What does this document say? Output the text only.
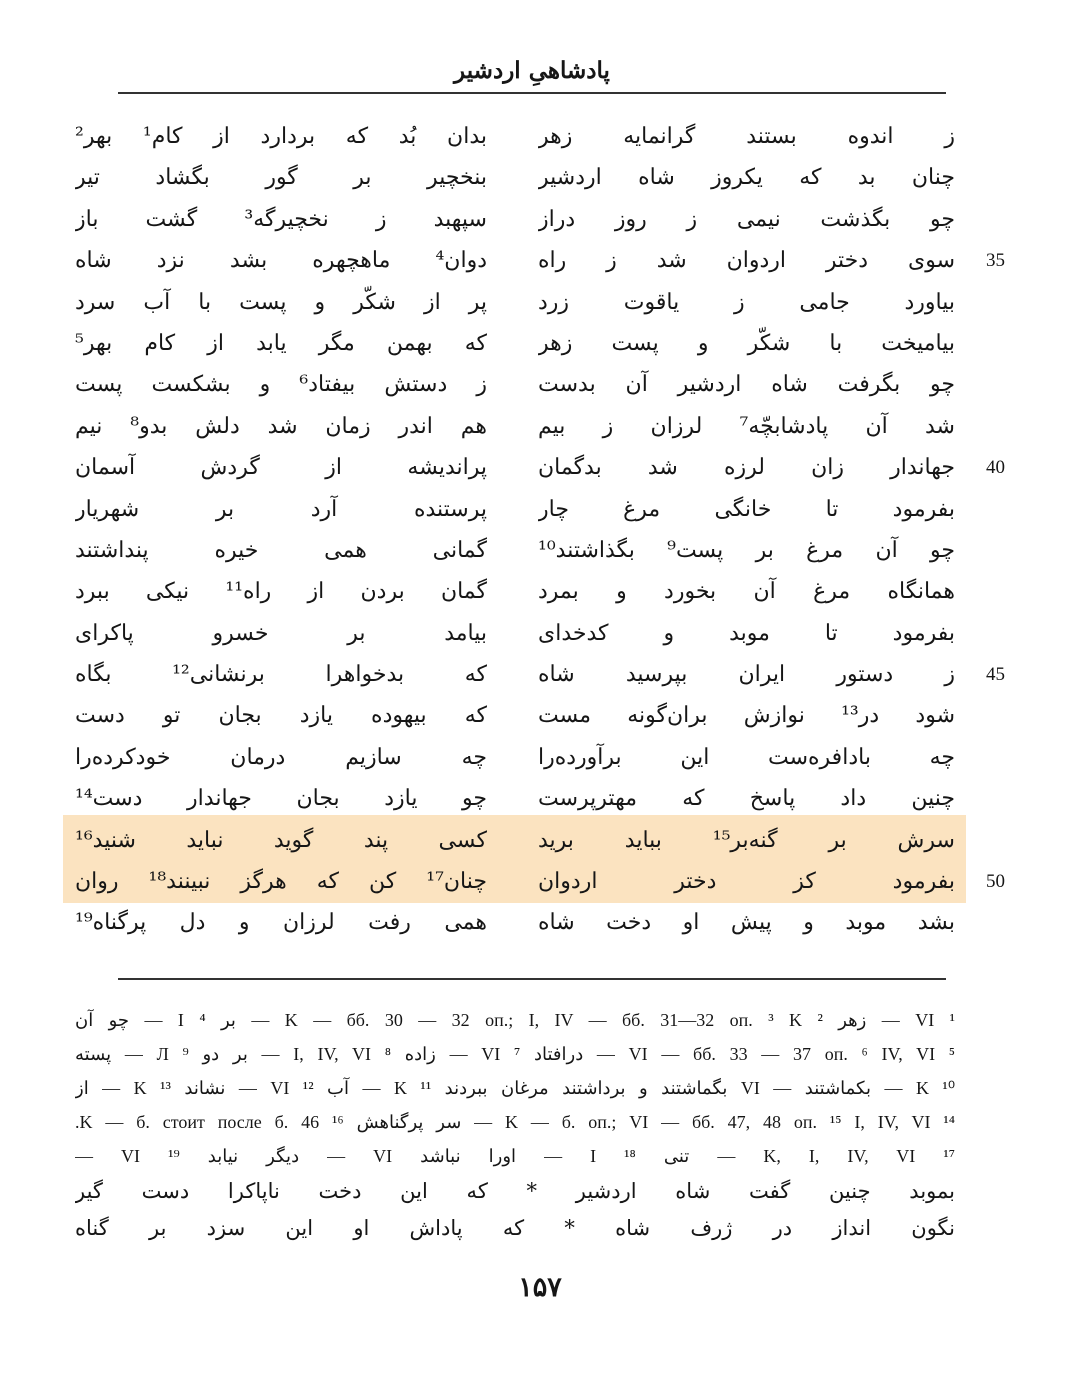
پادشاهیِ اردشیر
ز اندوه بستند گرانمایه زهر
بدان بُد که بردارد از کام¹ بهر²
چنان بد که یکروز شاه اردشیر
بنخچیر بر گور بگشاد تیر
چو بگذشت نیمی ز روز دراز
سپهبد ز نخچیرگه³ گشت باز
سوی دختر اردوان شد ز راه
دوان⁴ ماهچهره بشد نزد شاه	35
بیاورد جامی ز یاقوت زرد
پر از شکّر و پست با آب سرد
بیامیخت با شکّر و پست زهر
که بهمن مگر یابد از کام بهر⁵
چو بگرفت شاه اردشیر آن بدست
ز دستش بیفتاد⁶ و بشکست پست
شد آن پادشابچّه⁷ لرزان ز بیم
هم اندر زمان شد دلش بدو⁸ نیم
جهاندار زان لرزه شد بدگمان
پراندیشه از گردش آسمان	40
بفرمود تا خانگی مرغ چار
پرستنده آرد بر شهریار
چو آن مرغ بر پست⁹ بگذاشتند¹⁰
گمانی همی خیره پنداشتند
همانگاه مرغ آن بخورد و بمرد
گمان بردن از راه¹¹ نیکی ببرد
بفرمود تا موبد و کدخدای
بیامد بر خسرو پاکرای
ز دستور ایران بپرسید شاه
که بدخواهرا برنشانی¹² بگاه	45
شود در¹³ نوازش بران‌گونه مست
که بیهوده یازد بجان تو دست
چه بادافره‌ست این برآورده‌را
چه سازیم درمان خودکرده‌را
چنین داد پاسخ که مهترپرست
چو یازد بجان جهاندار دست¹⁴
سرش بر گنه‌بر¹⁵ بباید برید
کسی پند گوید نباید شنید¹⁶
بفرمود کز دختر اردوان
چنان¹⁷ کن که هرگز نبینند¹⁸ روان	50
بشد موبد و پیش او دخت شاه
همی رفت لرزان و دل پرگناه¹⁹
¹ VI — زهر ² K — бб. 30 — 32 оп.; I, IV — бб. 31—32 оп. ³ K — بر ⁴ I — چو آن
⁵ VI — бб. 33 — 37 оп. ⁶ IV, VI — درافتاد ⁷ VI — زاده ⁸ I, IV, VI — بر دو ⁹ Л — پسته
¹⁰ K — بکماشتند — VI بگماشتند و برداشتند مرغان ببردند ¹¹ K — آب ¹² VI — نشاند ¹³ K — از
¹⁴ K — б. оп.; VI — бб. 47, 48 оп. ¹⁵ I, IV, VI — سر پرگناهش ¹⁶ K — б. стоит после б. 46.
¹⁷ K, I, IV, VI — تنی ¹⁸ I — اورا نباشد VI — دیگر نیابد ¹⁹ VI —
بموبد چنین گفت شاه اردشیر * که این دخت ناپاکرا دست گیر
نگون انداز در ژرف شاه * که پاداش او این سزد بر گناه
۱۵۷
